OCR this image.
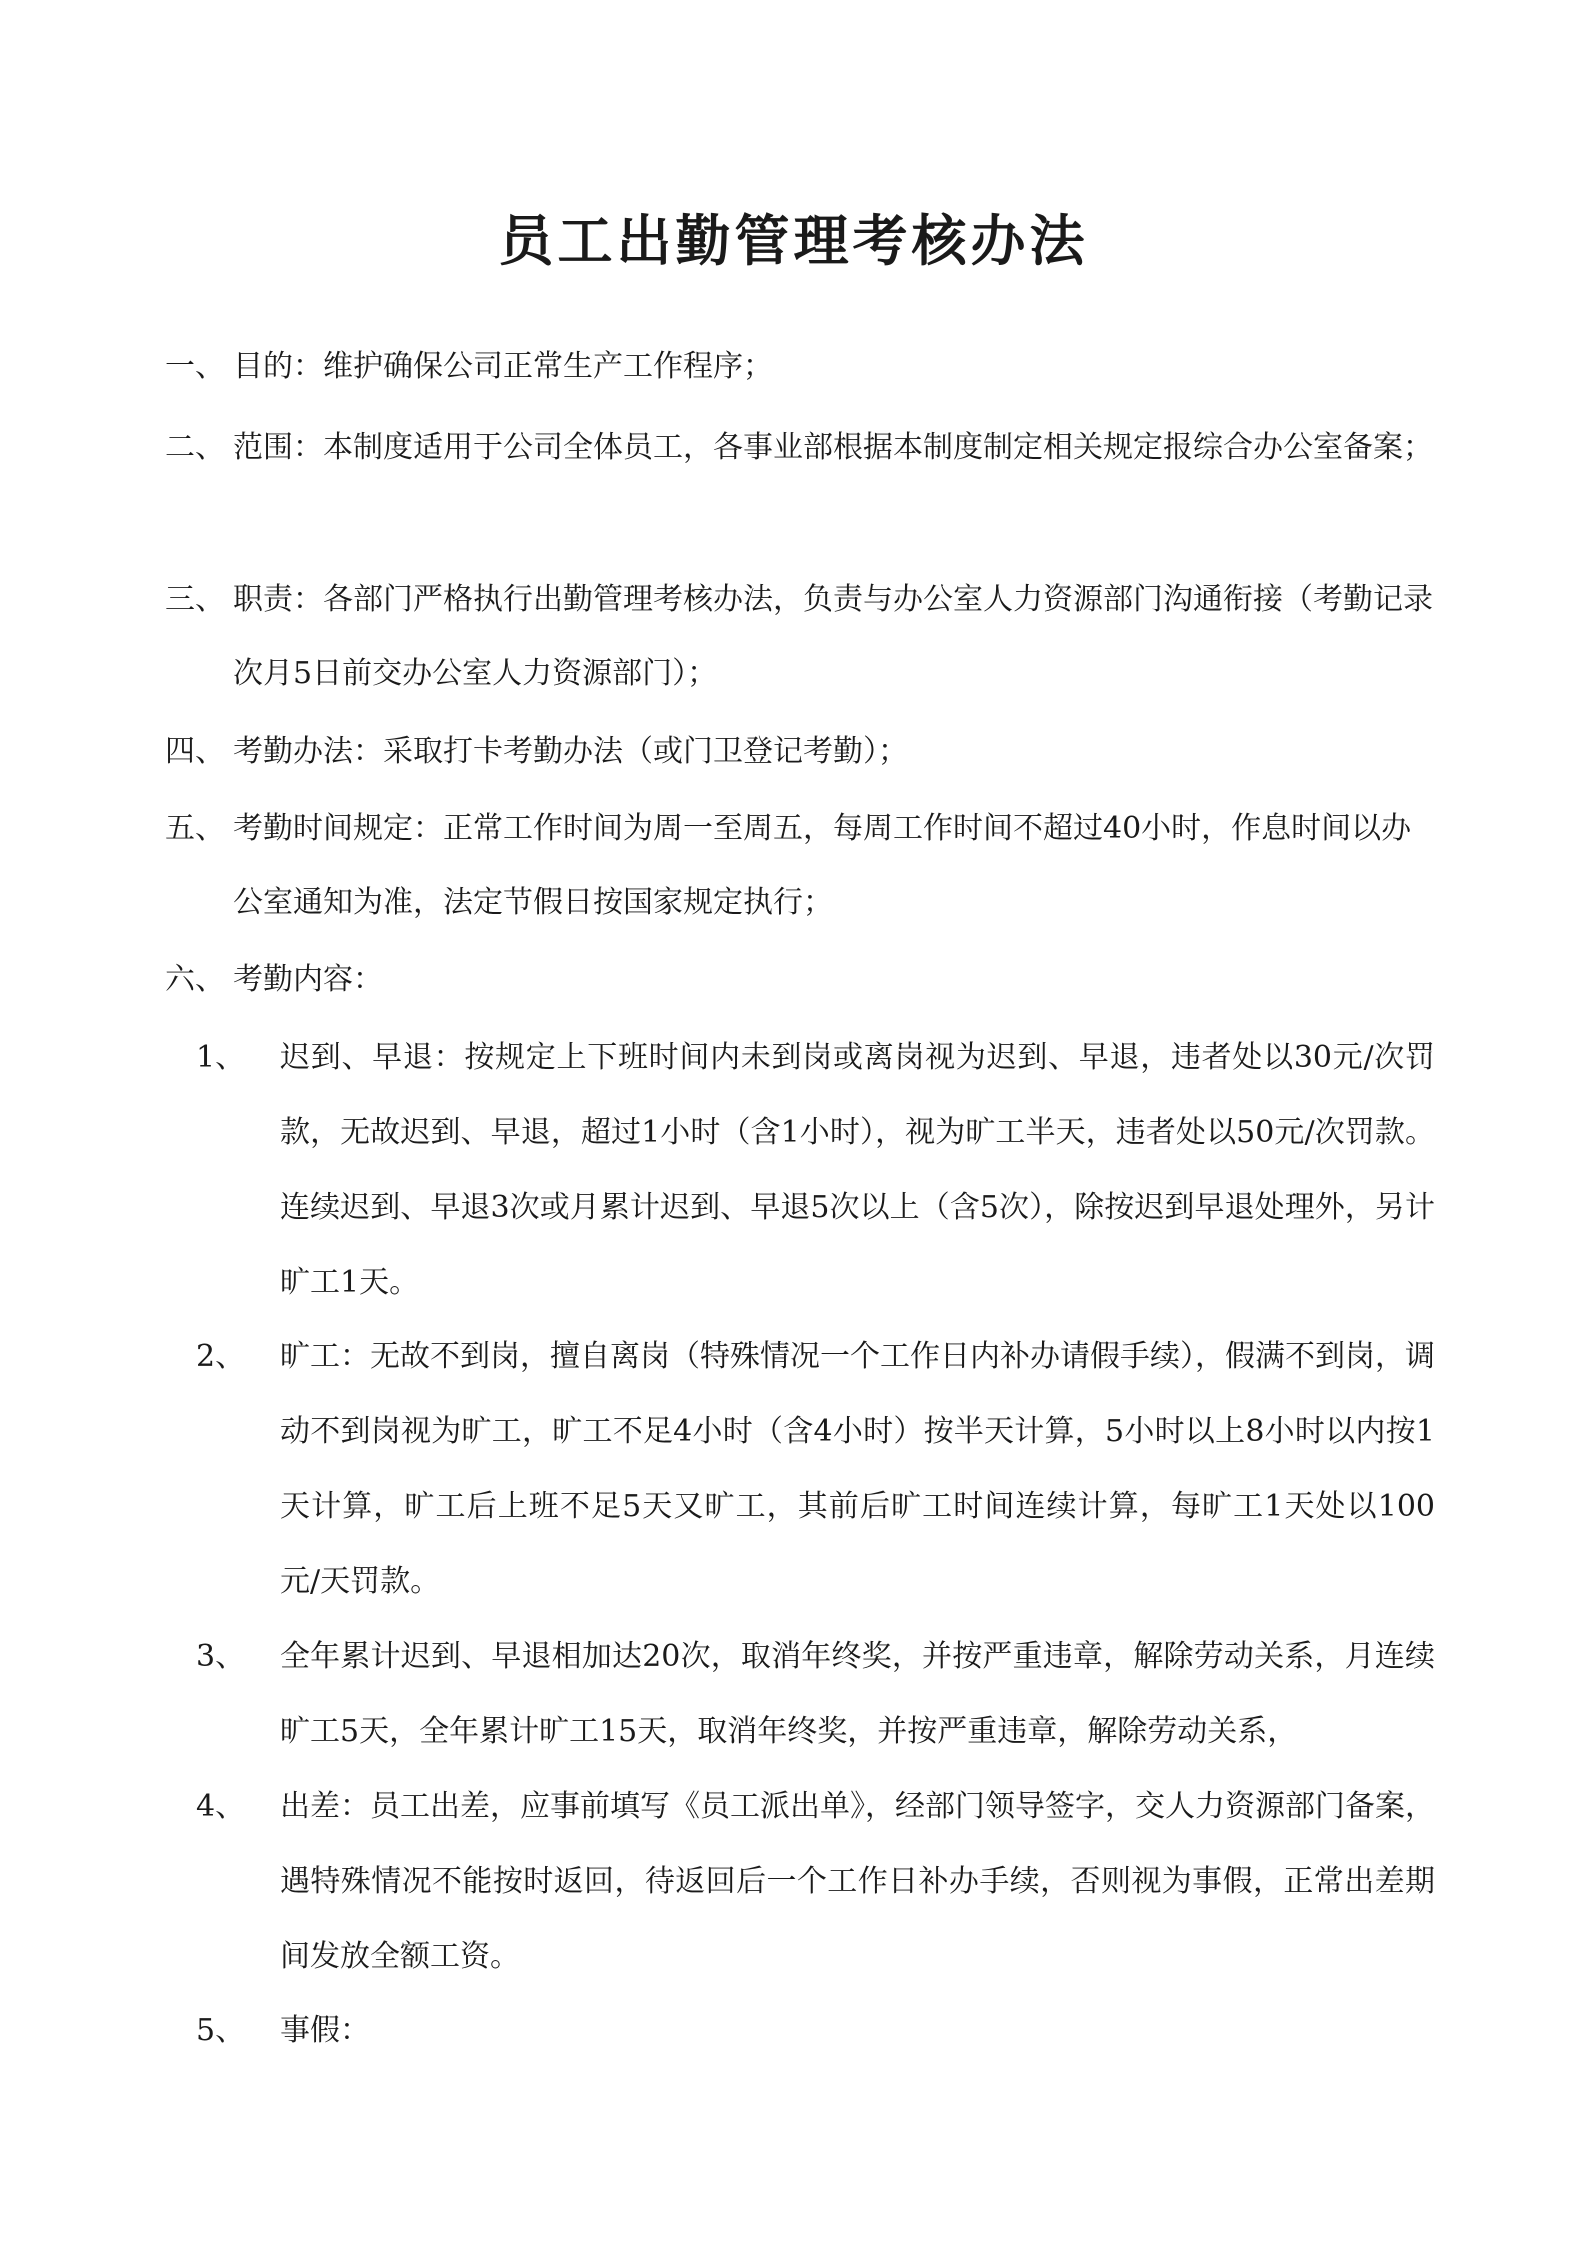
员工出勤管理考核办法

一、 目的：维护确保公司正常生产工作程序；

二、 范围：本制度适用于公司全体员工，各事业部根据本制度制定相关规定报综合办公室备案；

三、 职责：各部门严格执行出勤管理考核办法，负责与办公室人力资源部门沟通衔接（考勤记录次月5日前交办公室人力资源部门）；

四、 考勤办法：采取打卡考勤办法（或门卫登记考勤）；

五、 考勤时间规定：正常工作时间为周一至周五，每周工作时间不超过40小时，作息时间以办公室通知为准，法定节假日按国家规定执行；

六、 考勤内容：

1、	迟到、早退：按规定上下班时间内未到岗或离岗视为迟到、早退，违者处以30元/次罚款，无故迟到、早退，超过1小时（含1小时），视为旷工半天，违者处以50元/次罚款。连续迟到、早退3次或月累计迟到、早退5次以上（含5次），除按迟到早退处理外，另计旷工1天。

2、	旷工：无故不到岗，擅自离岗（特殊情况一个工作日内补办请假手续），假满不到岗，调动不到岗视为旷工，旷工不足4小时（含4小时）按半天计算，5小时以上8小时以内按1天计算，旷工后上班不足5天又旷工，其前后旷工时间连续计算，每旷工1天处以100元/天罚款。

3、	全年累计迟到、早退相加达20次，取消年终奖，并按严重违章，解除劳动关系，月连续旷工5天，全年累计旷工15天，取消年终奖，并按严重违章，解除劳动关系，

4、	出差：员工出差，应事前填写《员工派出单》，经部门领导签字，交人力资源部门备案，遇特殊情况不能按时返回，待返回后一个工作日补办手续，否则视为事假，正常出差期间发放全额工资。

5、	事假：
